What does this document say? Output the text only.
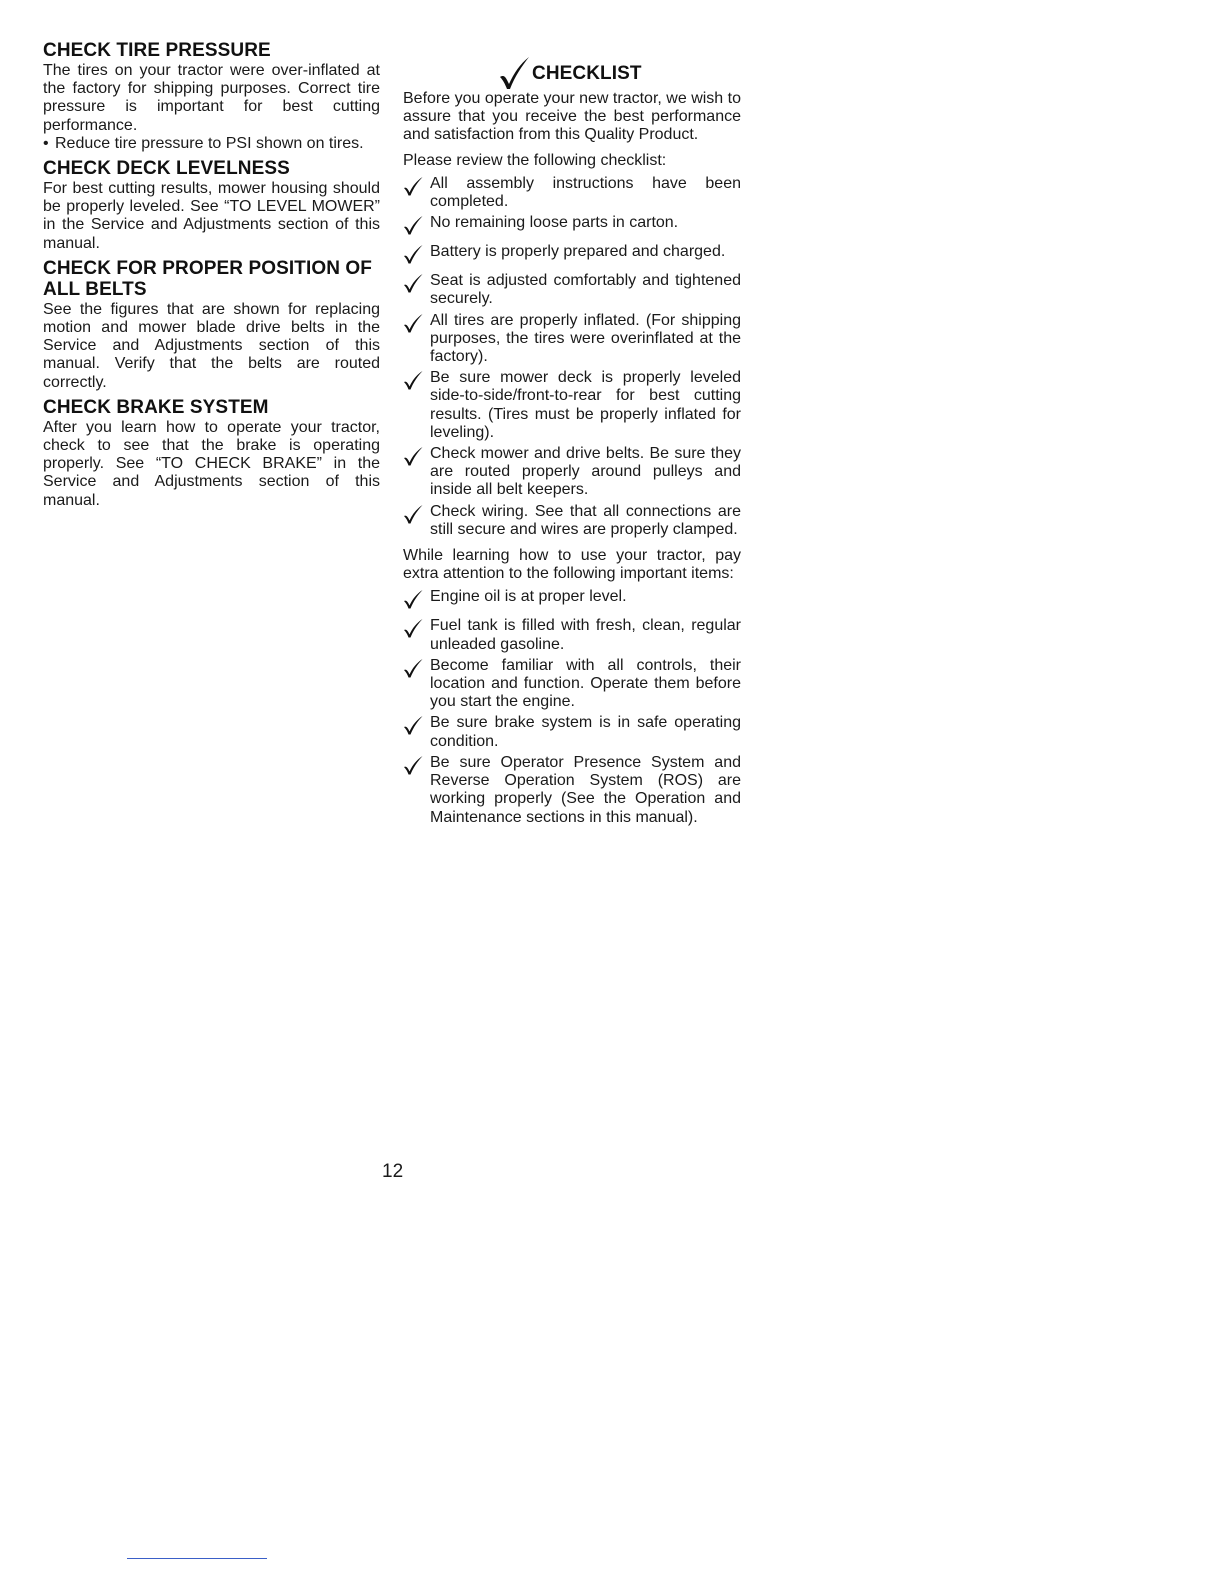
CHECK TIRE PRESSURE

The tires on your tractor were over-inflated at the factory for shipping purposes. Correct tire pressure is important for best cutting performance.

• Reduce tire pressure to PSI shown on tires.
CHECK DECK LEVELNESS

For best cutting results, mower housing should be properly leveled. See “TO LEVEL MOWER” in the Service and Adjustments section of this manual.

CHECK FOR PROPER POSITION OF ALL BELTS

See the figures that are shown for replacing motion and mower blade drive belts in the Service and Adjustments section of this manual. Verify that the belts are routed correctly.

CHECK BRAKE SYSTEM

After you learn how to operate your tractor, check to see that the brake is operating properly. See “TO CHECK BRAKE” in the Service and Adjustments section of this manual.

CHECKLIST

Before you operate your new tractor, we wish to assure that you receive the best performance and satisfaction from this Quality Product.

Please review the following checklist:

All assembly instructions have been completed.

No remaining loose parts in carton.

Battery is properly prepared and charged.

Seat is adjusted comfortably and tightened securely.

All tires are properly inflated. (For shipping purposes, the tires were overinflated at the factory).

Be sure mower deck is properly leveled side-to-side/front-to-rear for best cutting results. (Tires must be properly inflated for leveling).

Check mower and drive belts. Be sure they are routed properly around pulleys and inside all belt keepers.

Check wiring. See that all connections are still secure and wires are properly clamped.

While learning how to use your tractor, pay extra attention to the following important items:

Engine oil is at proper level.

Fuel tank is filled with fresh, clean, regular unleaded gasoline.

Become familiar with all controls, their location and function. Operate them before you start the engine.

Be sure brake system is in safe operating condition.

Be sure Operator Presence System and Reverse Operation System (ROS) are working properly (See the Operation and Maintenance sections in this manual).

12
